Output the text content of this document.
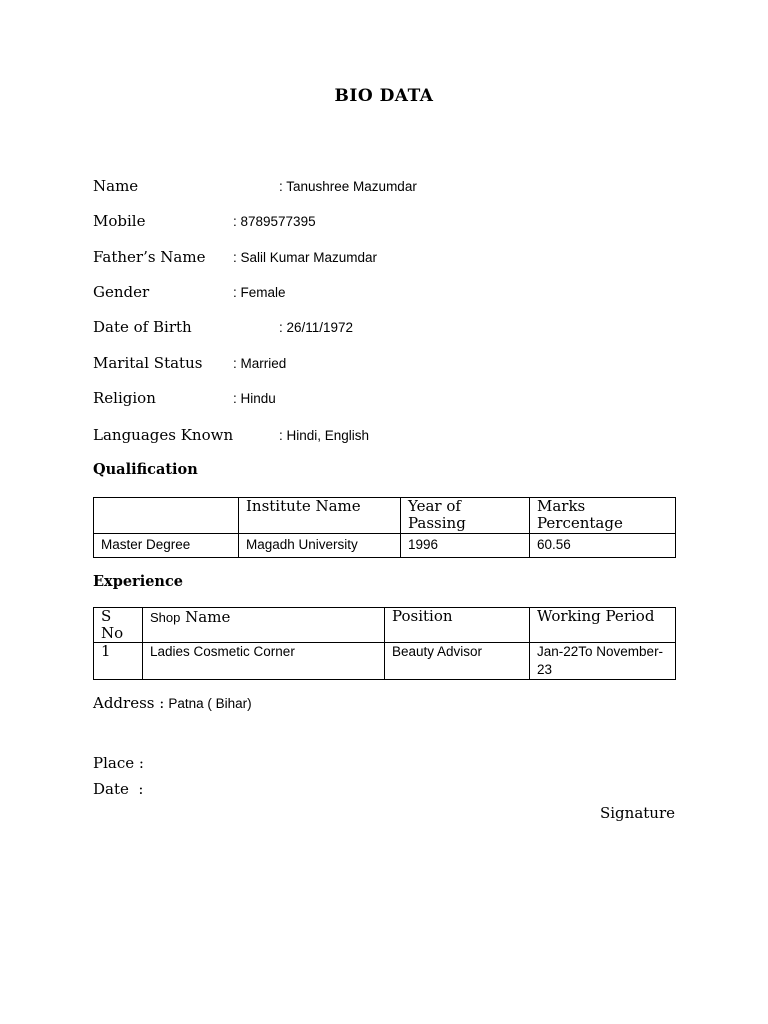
BIO DATA
Name	: Tanushree Mazumdar
Mobile	: 8789577395
Father’s Name : Salil Kumar Mazumdar
Gender	: Female
Date of Birth	: 26/11/1972
Marital Status : Married
Religion	: Hindu
Languages Known	: Hindi, English
Qualification

	Institute Name	Year of Passing	Marks Percentage

Master Degree	Magadh University	1996	60.56
Experience
S No	Shop Name	Position	Working Period

1	Ladies Cosmetic Corner	Beauty Advisor	Jan-22To November-23
Address : Patna ( Bihar)
Place :
Date  :
Signature
